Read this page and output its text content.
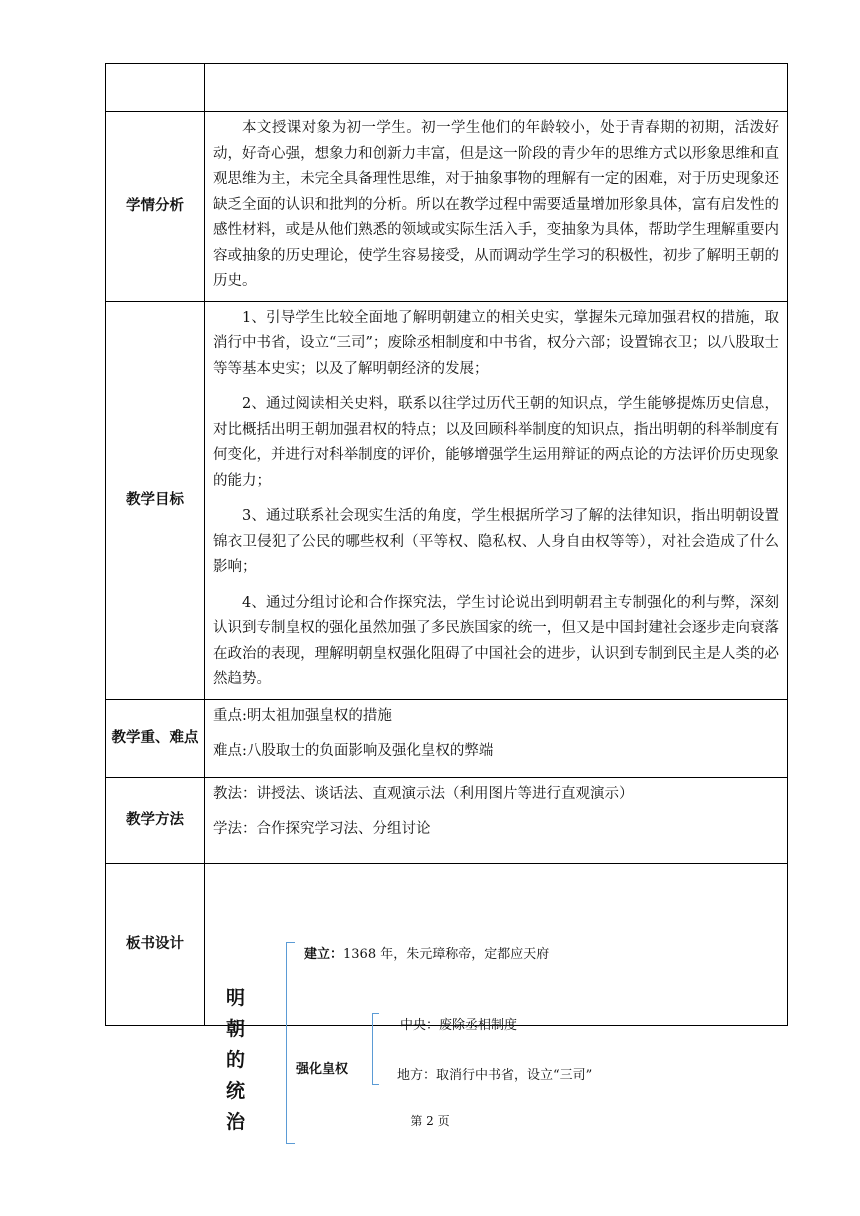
学情分析	本文授课对象为初一学生。初一学生他们的年龄较小，处于青春期的初期，活泼好动，好奇心强，想象力和创新力丰富，但是这一阶段的青少年的思维方式以形象思维和直观思维为主，未完全具备理性思维，对于抽象事物的理解有一定的困难，对于历史现象还缺乏全面的认识和批判的分析。所以在教学过程中需要适量增加形象具体，富有启发性的感性材料，或是从他们熟悉的领域或实际生活入手，变抽象为具体，帮助学生理解重要内容或抽象的历史理论，使学生容易接受，从而调动学生学习的积极性，初步了解明王朝的历史。

教学目标	1、引导学生比较全面地了解明朝建立的相关史实，掌握朱元璋加强君权的措施，取消行中书省，设立“三司”；废除丞相制度和中书省，权分六部；设置锦衣卫；以八股取士等等基本史实；以及了解明朝经济的发展；

2、通过阅读相关史料，联系以往学过历代王朝的知识点，学生能够提炼历史信息，对比概括出明王朝加强君权的特点；以及回顾科举制度的知识点，指出明朝的科举制度有何变化，并进行对科举制度的评价，能够增强学生运用辩证的两点论的方法评价历史现象的能力；

3、通过联系社会现实生活的角度，学生根据所学习了解的法律知识，指出明朝设置锦衣卫侵犯了公民的哪些权利（平等权、隐私权、人身自由权等等），对社会造成了什么影响；

4、通过分组讨论和合作探究法，学生讨论说出到明朝君主专制强化的利与弊，深刻认识到专制皇权的强化虽然加强了多民族国家的统一，但又是中国封建社会逐步走向衰落在政治的表现，理解明朝皇权强化阻碍了中国社会的进步，认识到专制到民主是人类的必然趋势。

教学重、难点	重点:明太祖加强皇权的措施

难点:八股取士的负面影响及强化皇权的弊端

教学方法	教法：讲授法、谈话法、直观演示法（利用图片等进行直观演示）

学法：合作探究学习法、分组讨论

板书设计	
明
朝
的
统
治
建立：1368 年，朱元璋称帝，定都应天府
强化皇权
中央：废除丞相制度
地方：取消行中书省，设立“三司”
第 2 页
